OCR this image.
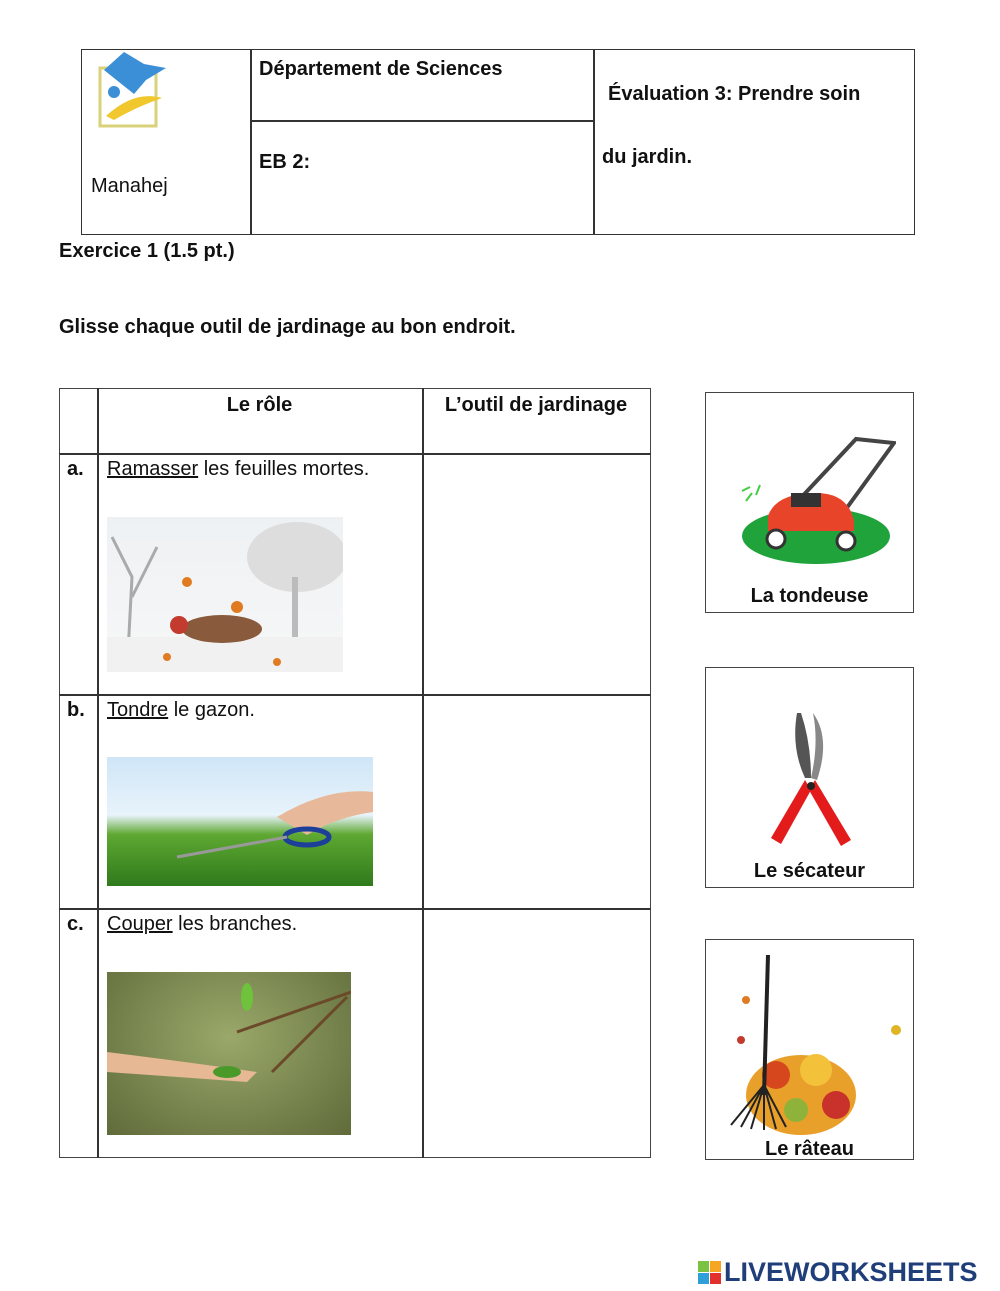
Manahej
Département de Sciences
EB 2:
Évaluation 3: Prendre soin
du jardin.
Exercice 1 (1.5 pt.)
Glisse chaque outil de jardinage au bon endroit.
Le rôle	L’outil de jardinage
a. Ramasser les feuilles mortes.
b. Tondre le gazon.
c. Couper les branches.
La tondeuse
Le sécateur
Le râteau
LIVEWORKSHEETS
